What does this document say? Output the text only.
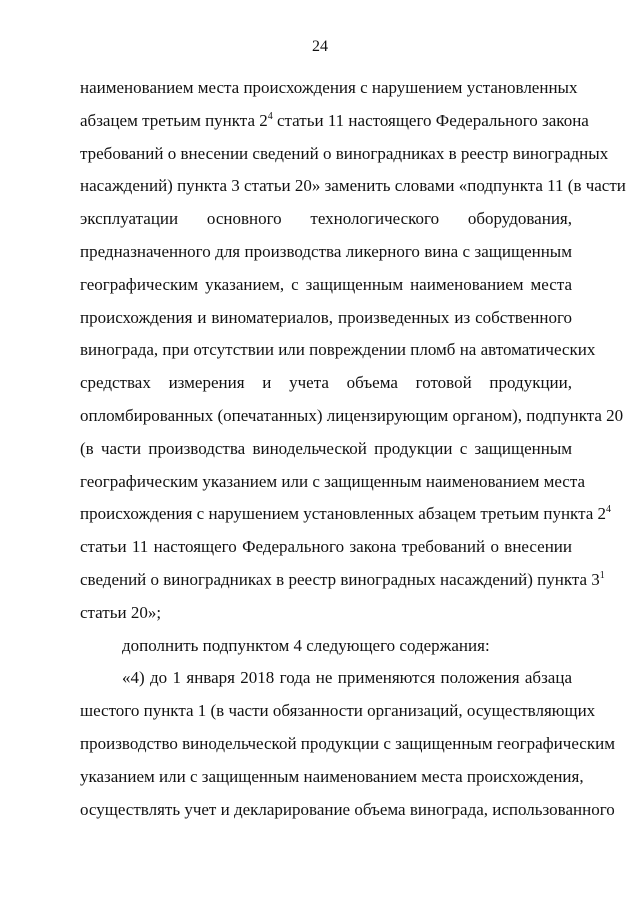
24
наименованием места происхождения с нарушением установленных
абзацем третьим пункта $2^4$ статьи 11 настоящего Федерального закона
требований о внесении сведений о виноградниках в реестр виноградных
насаждений) пункта 3 статьи 20» заменить словами «подпункта 11 (в части
эксплуатации основного технологического оборудования,
предназначенного для производства ликерного вина с защищенным
географическим указанием, с защищенным наименованием места
происхождения и виноматериалов, произведенных из собственного
винограда, при отсутствии или повреждении пломб на автоматических
средствах измерения и учета объема готовой продукции,
опломбированных (опечатанных) лицензирующим органом), подпункта 20
(в части производства винодельческой продукции с защищенным
географическим указанием или с защищенным наименованием места
происхождения с нарушением установленных абзацем третьим пункта $2^4$
статьи 11 настоящего Федерального закона требований о внесении
сведений о виноградниках в реестр виноградных насаждений) пункта $3^1$
статьи 20»;
дополнить подпунктом 4 следующего содержания:
«4) до 1 января 2018 года не применяются положения абзаца
шестого пункта 1 (в части обязанности организаций, осуществляющих
производство винодельческой продукции с защищенным географическим
указанием или с защищенным наименованием места происхождения,
осуществлять учет и декларирование объема винограда, использованного
